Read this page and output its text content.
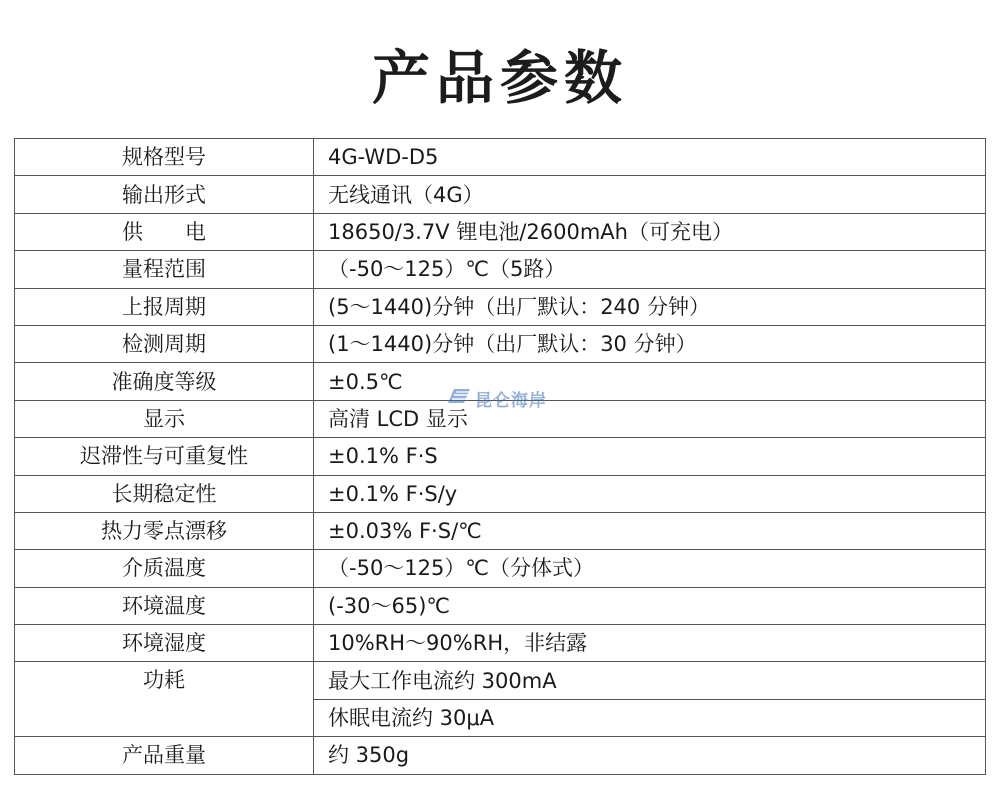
产品参数
规格型号	4G-WD-D5
输出形式	无线通讯（4G）
供　　电	18650/3.7V 锂电池/2600mAh（可充电）
量程范围	（-50～125）℃（5路）
上报周期	(5～1440)分钟（出厂默认：240 分钟）
检测周期	(1～1440)分钟（出厂默认：30 分钟）
准确度等级	±0.5℃
显示	高清 LCD 显示
迟滞性与可重复性	±0.1% F·S
长期稳定性	±0.1% F·S/y
热力零点漂移	±0.03% F·S/℃
介质温度	（-50～125）℃（分体式）
环境温度	(-30～65)℃
环境湿度	10%RH～90%RH，非结露
功耗	最大工作电流约 300mA
	休眠电流约 30μA
产品重量	约 350g
昆仑海岸
